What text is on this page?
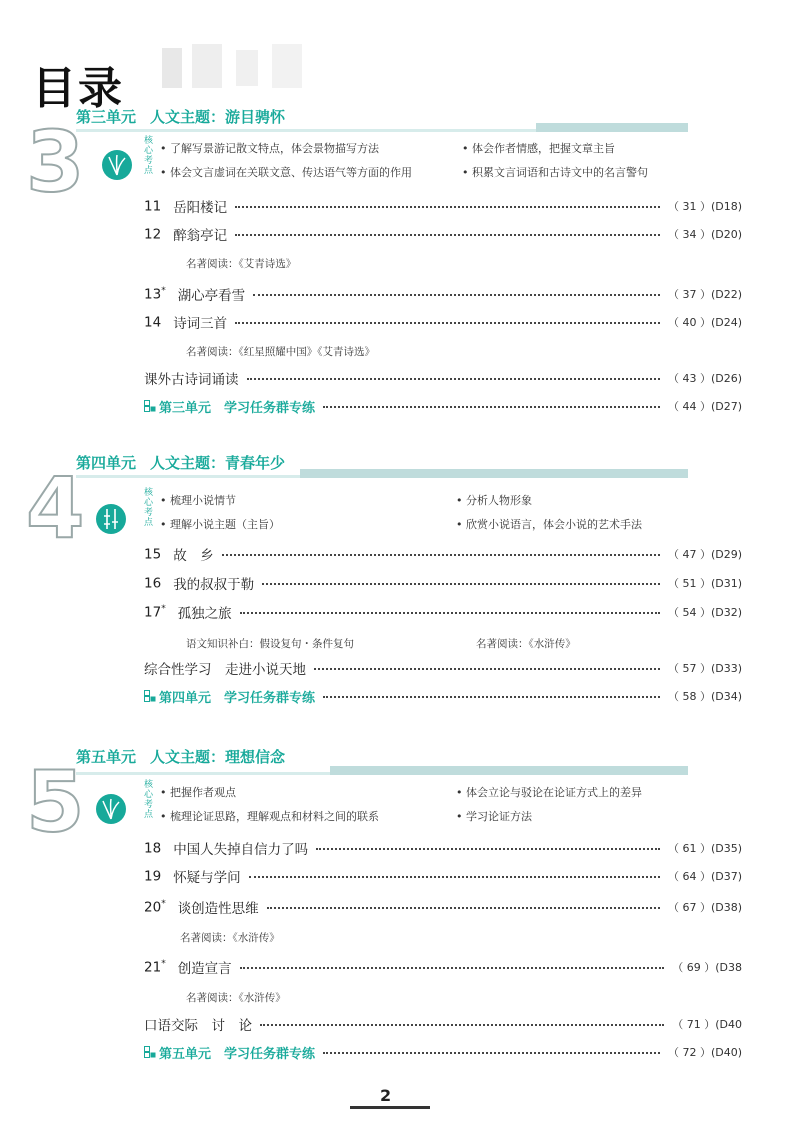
目录
第三单元 人文主题：游目骋怀
3	核心考点
• 了解写景游记散文特点，体会景物描写方法	• 体会作者情感，把握文章主旨
• 体会文言虚词在关联文意、传达语气等方面的作用	• 积累文言词语和古诗文中的名言警句
11 岳阳楼记	（ 31 ）(D18)
12 醉翁亭记	（ 34 ）(D20)
名著阅读：《艾青诗选》
13* 湖心亭看雪	（ 37 ）(D22)
14 诗词三首	（ 40 ）(D24)
名著阅读：《红星照耀中国》《艾青诗选》
课外古诗词诵读	（ 43 ）(D26)
第三单元　学习任务群专练	（ 44 ）(D27)
第四单元 人文主题：青春年少
4	核心考点
• 梳理小说情节	• 分析人物形象
• 理解小说主题（主旨）	• 欣赏小说语言，体会小说的艺术手法
15 故　乡	（ 47 ）(D29)
16 我的叔叔于勒	（ 51 ）(D31)
17* 孤独之旅	（ 54 ）(D32)
语文知识补白：假设复句・条件复句	名著阅读：《水浒传》
综合性学习　走进小说天地	（ 57 ）(D33)
第四单元　学习任务群专练	（ 58 ）(D34)
第五单元 人文主题：理想信念
5	核心考点
• 把握作者观点	• 体会立论与驳论在论证方式上的差异
• 梳理论证思路，理解观点和材料之间的联系	• 学习论证方法
18 中国人失掉自信力了吗	（ 61 ）(D35)
19 怀疑与学问	（ 64 ）(D37)
20* 谈创造性思维	（ 67 ）(D38)
名著阅读：《水浒传》
21* 创造宣言	（ 69 ）(D38
名著阅读：《水浒传》
口语交际　讨　论	（ 71 ）(D40
第五单元　学习任务群专练	（ 72 ）(D40)
2
